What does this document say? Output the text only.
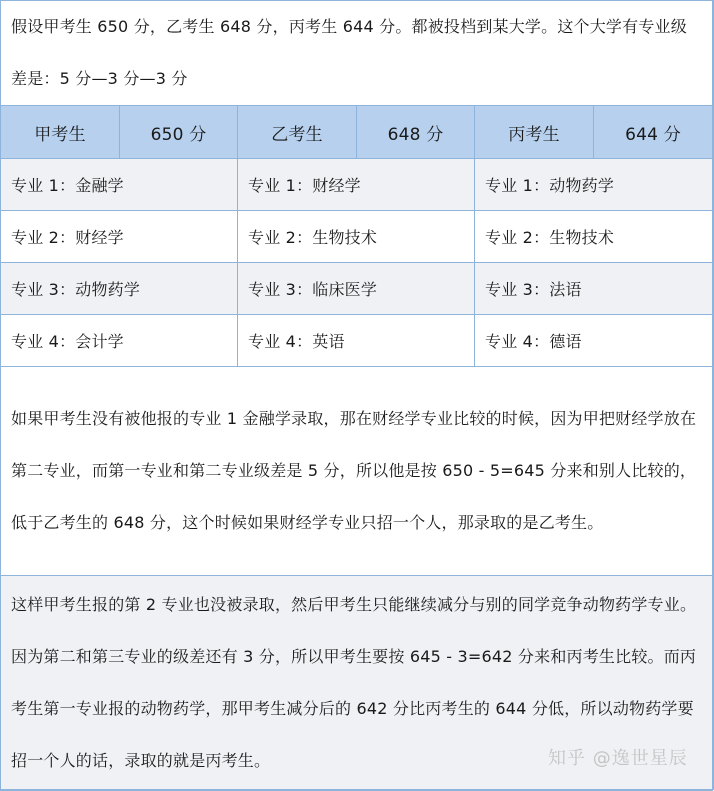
假设甲考生 650 分，乙考生 648 分，丙考生 644 分。都被投档到某大学。这个大学有专业级差是：5 分—3 分—3 分					
甲考生	650 分	乙考生	648 分	丙考生	644 分
专业 1：金融学		专业 1：财经学		专业 1：动物药学	
专业 2：财经学		专业 2：生物技术		专业 2：生物技术	
专业 3：动物药学		专业 3：临床医学		专业 3：法语	
专业 4：会计学		专业 4：英语		专业 4：德语	
如果甲考生没有被他报的专业 1 金融学录取，那在财经学专业比较的时候，因为甲把财经学放在第二专业，而第一专业和第二专业级差是 5 分，所以他是按 650 - 5=645 分来和别人比较的，低于乙考生的 648 分，这个时候如果财经学专业只招一个人，那录取的是乙考生。					
这样甲考生报的第 2 专业也没被录取，然后甲考生只能继续减分与别的同学竞争动物药学专业。因为第二和第三专业的级差还有 3 分，所以甲考生要按 645 - 3=642 分来和丙考生比较。而丙考生第一专业报的动物药学，那甲考生减分后的 642 分比丙考生的 644 分低，所以动物药学要招一个人的话，录取的就是丙考生。						知乎 @逸世星辰
